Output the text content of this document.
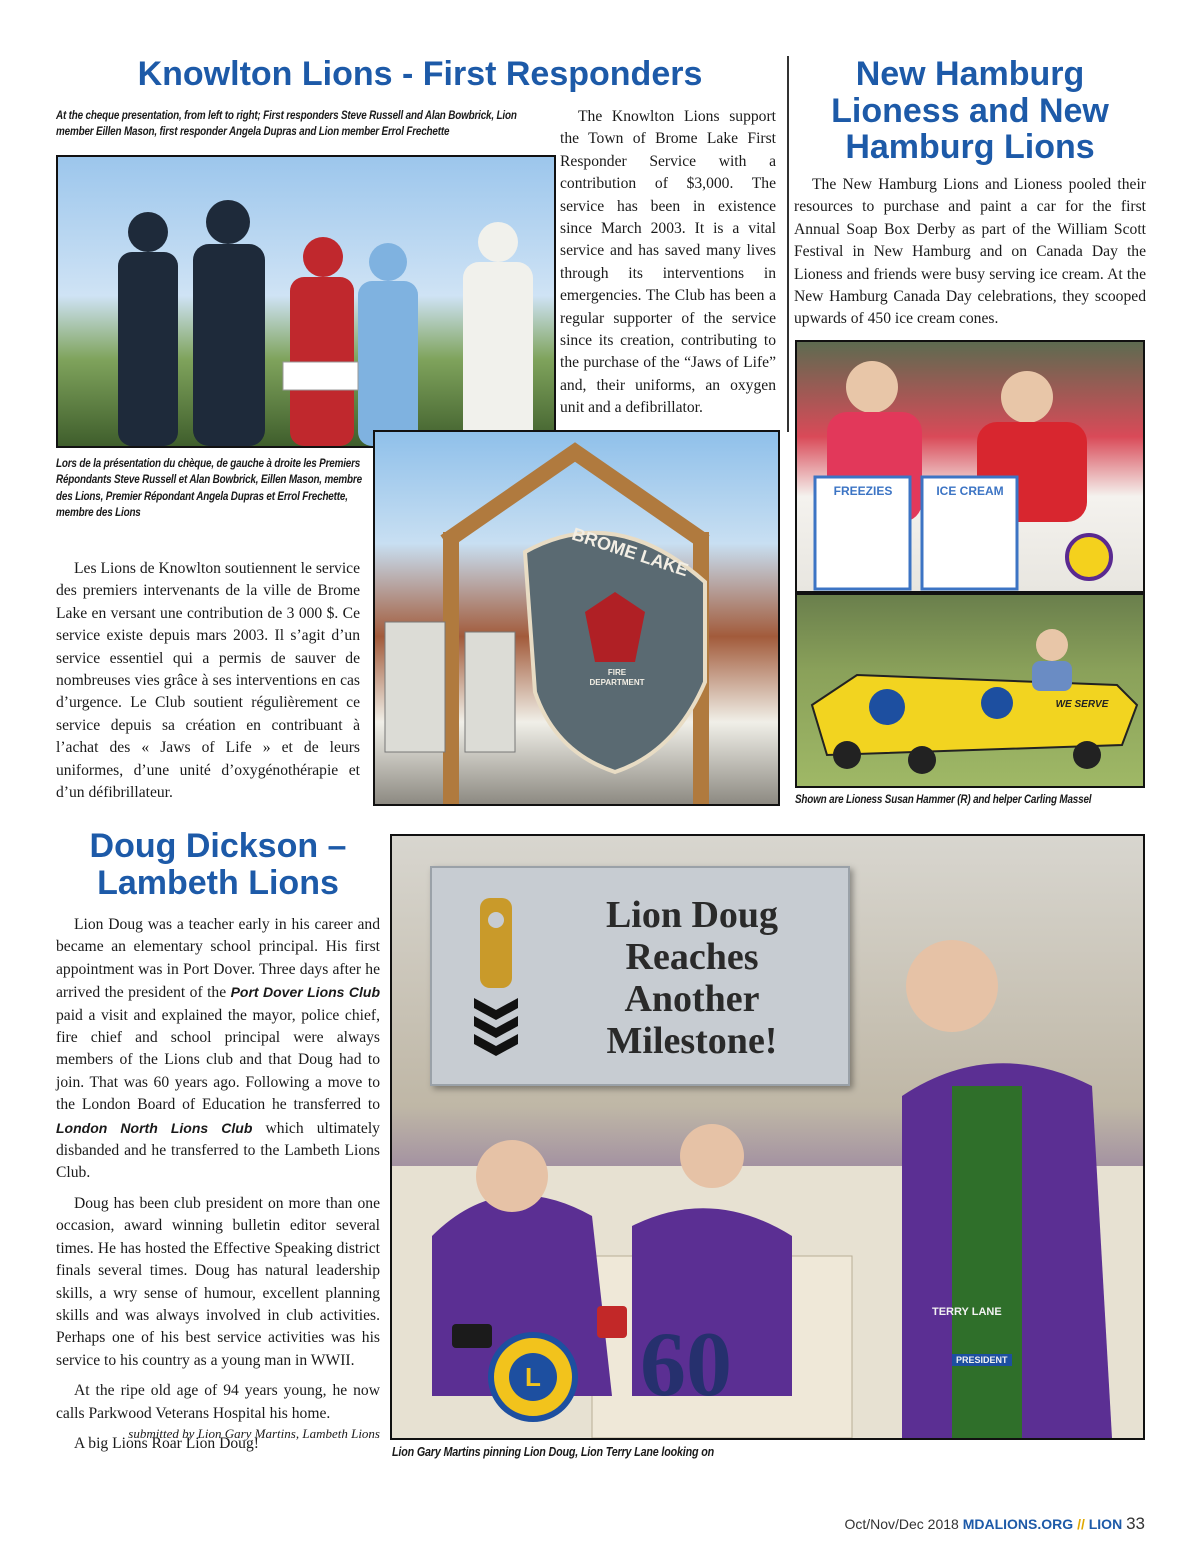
Knowlton Lions - First Responders
At the cheque presentation, from left to right; First responders Steve Russell and Alan Bowbrick, Lion member Eillen Mason, first responder Angela Dupras and Lion member Errol Frechette

The Knowlton Lions support the Town of Brome Lake First Responder Service with a contribution of $3,000. The service has been in existence since March 2003. It is a vital service and has saved many lives through its interventions in emergencies. The Club has been a regular supporter of the service since its creation, contributing to the purchase of the “Jaws of Life” and, their uniforms, an oxygen unit and a defibrillator.

Lors de la présentation du chèque, de gauche à droite les Premiers Répondants Steve Russell et Alan Bowbrick, Eillen Mason, membre des Lions, Premier Répondant Angela Dupras et Errol Frechette, membre des Lions

Les Lions de Knowlton soutiennent le service des premiers intervenants de la ville de Brome Lake en versant une contribution de 3 000 $. Ce service existe depuis mars 2003. Il s’agit d’un service essentiel qui a permis de sauver de nombreuses vies grâce à ses interventions en cas d’urgence. Le Club soutient régulièrement ce service depuis sa création en contribuant à l’achat des « Jaws of Life » et de leurs uniformes, d’une unité d’oxygénothérapie et d’un défibrillateur.

BROME LAKE
FIRE DEPARTMENT
New Hamburg Lioness and New Hamburg Lions

The New Hamburg Lions and Lioness pooled their resources to purchase and paint a car for the first Annual Soap Box Derby as part of the William Scott Festival in New Hamburg and on Canada Day the Lioness and friends were busy serving ice cream. At the New Hamburg Canada Day celebrations, they scooped upwards of 450 ice cream cones.

FREEZIES	ICE CREAM
WE SERVE
Shown are Lioness Susan Hammer (R) and helper Carling Massel
Doug Dickson – Lambeth Lions

Lion Doug was a teacher early in his career and became an elementary school principal. His first appointment was in Port Dover. Three days after he arrived the president of the Port Dover Lions Club paid a visit and explained the mayor, police chief, fire chief and school principal were always members of the Lions club and that Doug had to join. That was 60 years ago. Following a move to the London Board of Education he transferred to London North Lions Club which ultimately disbanded and he transferred to the Lambeth Lions Club.

Doug has been club president on more than one occasion, award winning bulletin editor several times. He has hosted the Effective Speaking district finals several times. Doug has natural leadership skills, a wry sense of humour, excellent planning skills and was always involved in club activities. Perhaps one of his best service activities was his service to his country as a young man in WWII.

At the ripe old age of 94 years young, he now calls Parkwood Veterans Hospital his home.

A big Lions Roar Lion Doug!

submitted by Lion Gary Martins, Lambeth Lions
Lion Doug
Reaches
Another
Milestone!
L 60
TERRY LANE
PRESIDENT
Lion Gary Martins pinning Lion Doug, Lion Terry Lane looking on
Oct/Nov/Dec 2018 MDALIONS.ORG // LION 33
